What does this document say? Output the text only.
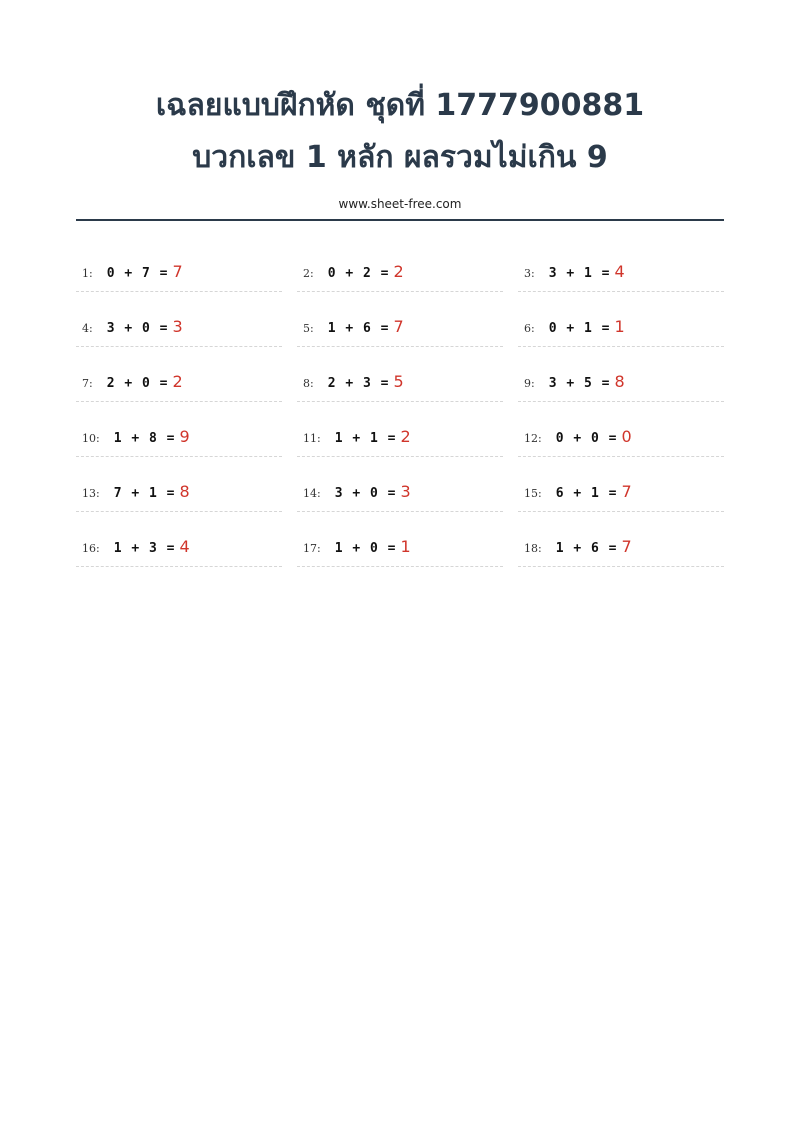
เฉลยแบบฝึกหัด ชุดที่ 1777900881
บวกเลข 1 หลัก ผลรวมไม่เกิน 9
www.sheet-free.com
1: 0 + 7 = 7	2: 0 + 2 = 2	3: 3 + 1 = 4
4: 3 + 0 = 3	5: 1 + 6 = 7	6: 0 + 1 = 1
7: 2 + 0 = 2	8: 2 + 3 = 5	9: 3 + 5 = 8
10: 1 + 8 = 9	11: 1 + 1 = 2	12: 0 + 0 = 0
13: 7 + 1 = 8	14: 3 + 0 = 3	15: 6 + 1 = 7
16: 1 + 3 = 4	17: 1 + 0 = 1	18: 1 + 6 = 7
